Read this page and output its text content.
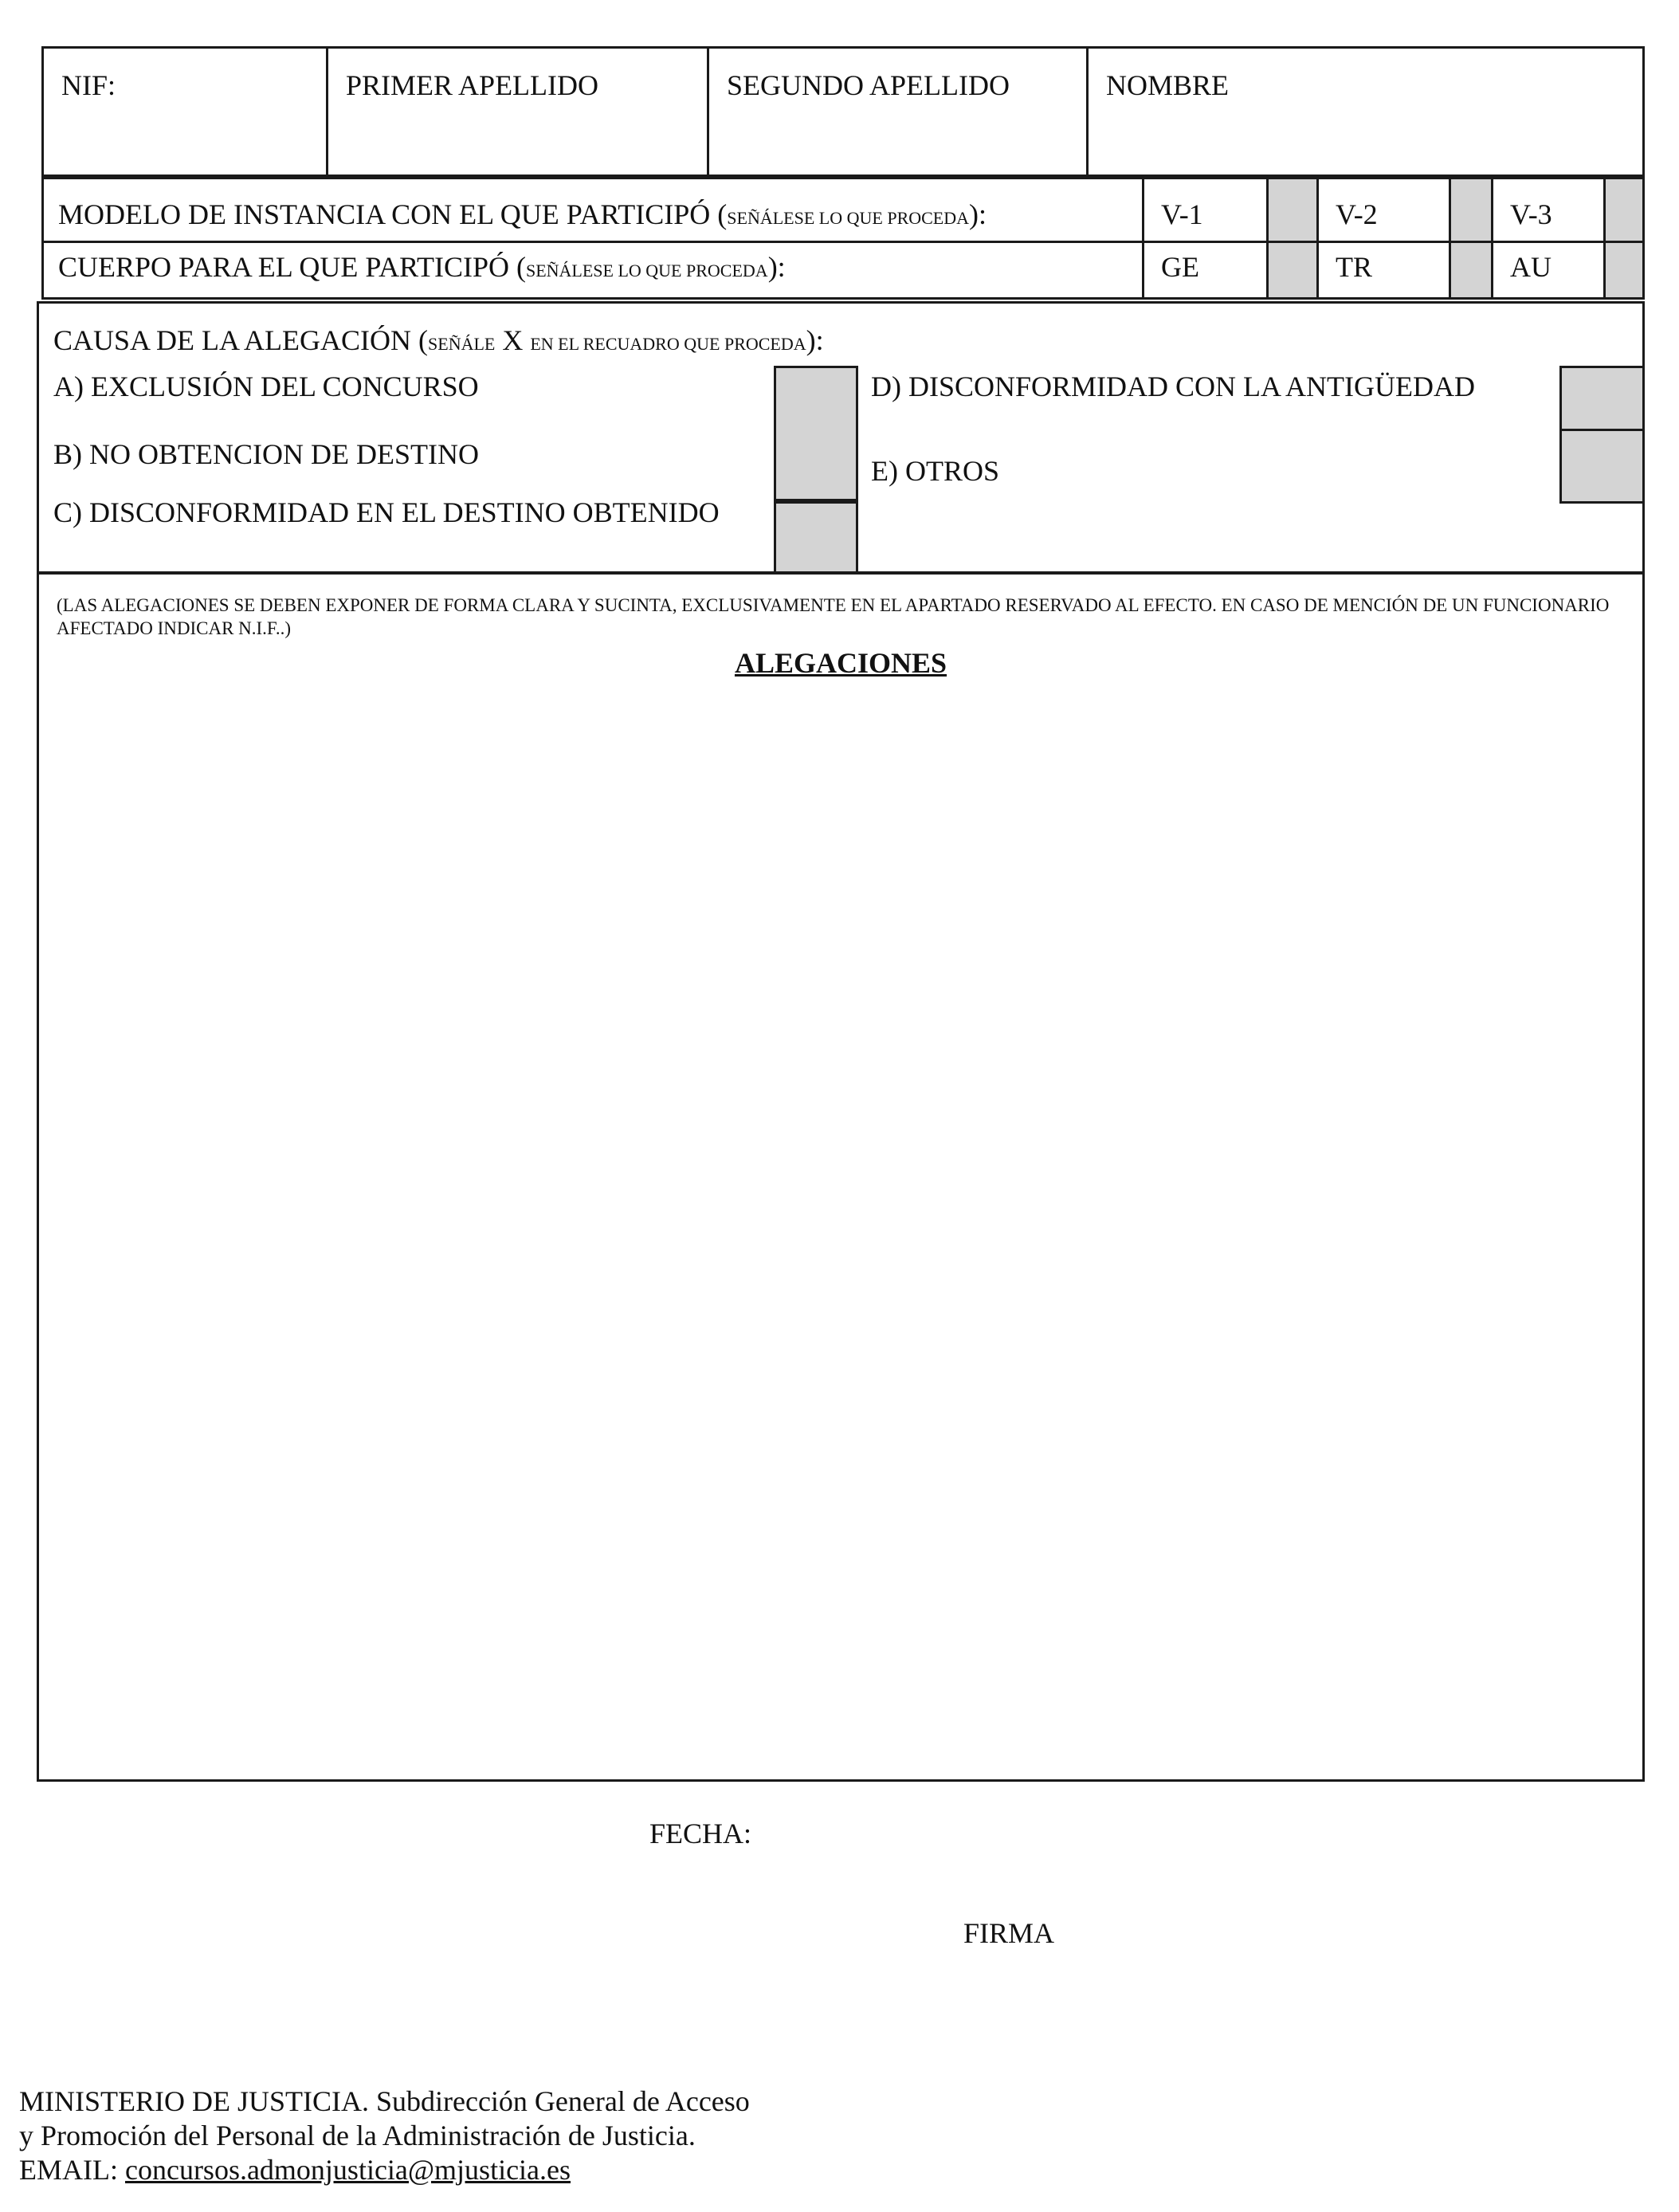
NIF:	PRIMER APELLIDO	SEGUNDO APELLIDO	NOMBRE
MODELO DE INSTANCIA CON EL QUE PARTICIPÓ (SEÑÁLESE LO QUE PROCEDA):	V-1	V-2	V-3
CUERPO PARA EL QUE PARTICIPÓ (SEÑÁLESE LO QUE PROCEDA):	GE	TR	AU
CAUSA DE LA ALEGACIÓN (SEÑÁLE X EN EL RECUADRO QUE PROCEDA):
A) EXCLUSIÓN DEL CONCURSO
B) NO OBTENCION DE DESTINO
C) DISCONFORMIDAD EN EL DESTINO OBTENIDO
D) DISCONFORMIDAD CON LA ANTIGÜEDAD
E) OTROS
(LAS ALEGACIONES SE DEBEN EXPONER DE FORMA CLARA Y SUCINTA, EXCLUSIVAMENTE EN EL APARTADO RESERVADO AL EFECTO. EN CASO DE MENCIÓN DE UN FUNCIONARIO AFECTADO INDICAR N.I.F..)
ALEGACIONES
FECHA:
FIRMA
MINISTERIO DE JUSTICIA. Subdirección General de Acceso
y Promoción del Personal de la Administración de Justicia.
EMAIL: concursos.admonjusticia@mjusticia.es
